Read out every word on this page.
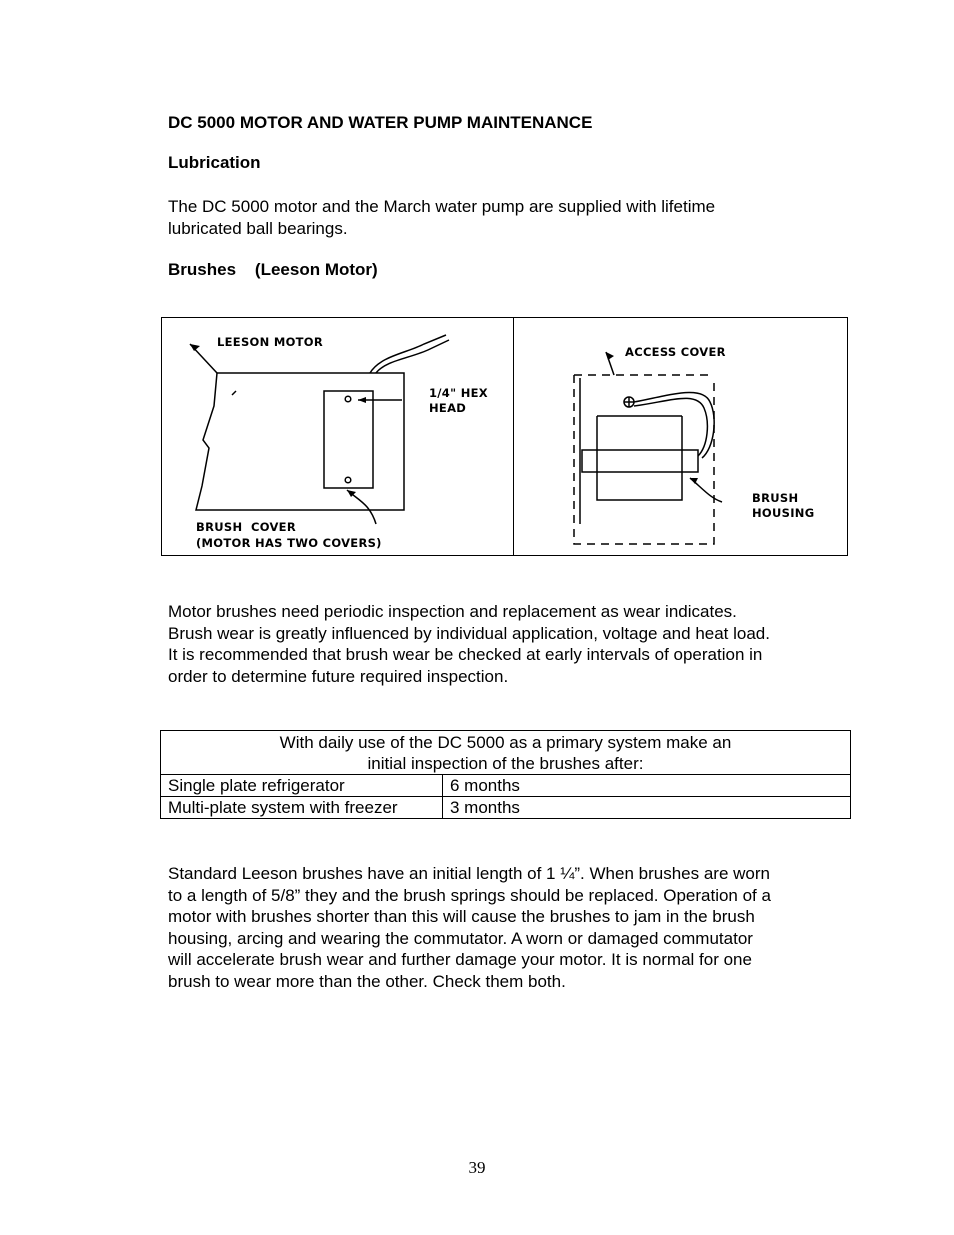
DC 5000 MOTOR AND WATER PUMP MAINTENANCE
Lubrication

The DC 5000 motor and the March water pump are supplied with lifetime

lubricated ball bearings.

Brushes    (Leeson Motor)
LEESON MOTOR
1/4" HEX
HEAD
BRUSH  COVER
(MOTOR HAS TWO COVERS)
ACCESS COVER
BRUSH
HOUSING

Motor brushes need periodic inspection and replacement as wear indicates.

Brush wear is greatly influenced by individual application, voltage and heat load.

It is recommended that brush wear be checked at early intervals of operation in

order to determine future required inspection.

With daily use of the DC 5000 as a primary system make an
initial inspection of the brushes after:	

Single plate refrigerator	6 months
Multi-plate system with freezer	3 months

Standard Leeson brushes have an initial length of 1 ¼”. When brushes are worn

to a length of 5/8” they and the brush springs should be replaced. Operation of a

motor with brushes shorter than this will cause the brushes to jam in the brush

housing, arcing and wearing the commutator. A worn or damaged commutator

will accelerate brush wear and further damage your motor. It is normal for one

brush to wear more than the other. Check them both.

39
